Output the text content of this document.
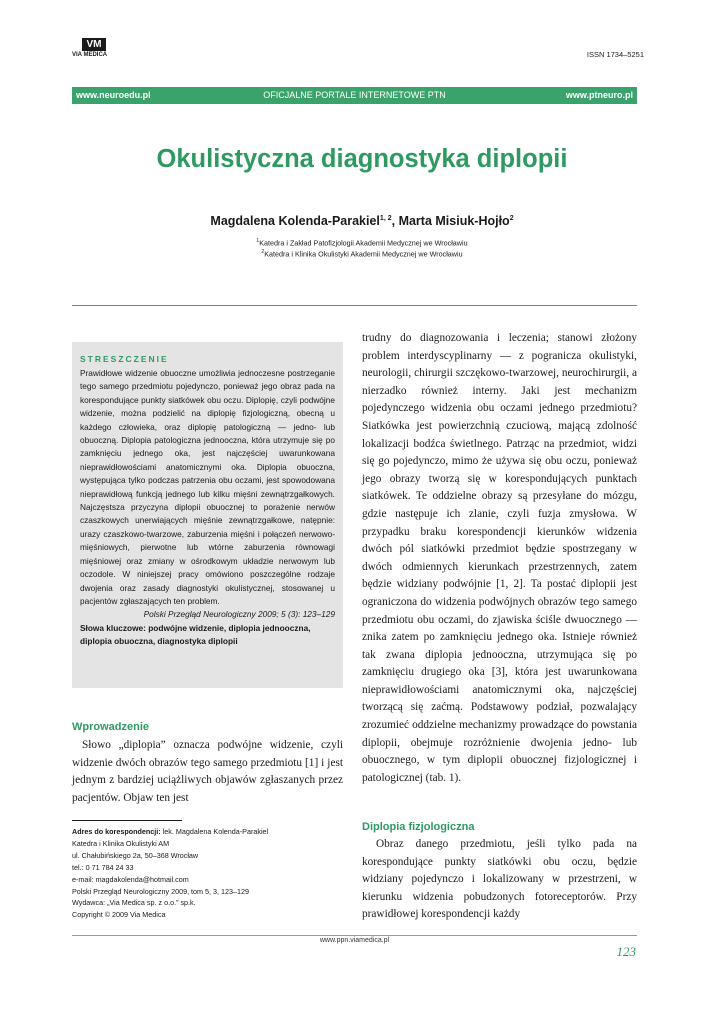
VM
VIA MEDICA	ISSN 1734–5251
OFICJALNE PORTALE INTERNETOWE PTN
www.neuroedu.pl	www.ptneuro.pl
Okulistyczna diagnostyka diplopii
Magdalena Kolenda-Parakiel$^{1, 2}$, Marta Misiuk-Hojło$^2$
$^1$Katedra i Zakład Patofizjologii Akademii Medycznej we Wrocławiu
$^2$Katedra i Klinika Okulistyki Akademii Medycznej we Wrocławiu
STRESZCZENIE

Prawidłowe widzenie obuoczne umożliwia jednoczesne postrzeganie tego samego przedmiotu pojedynczo, ponieważ jego obraz pada na korespondujące punkty siatkówek obu oczu. Diplopię, czyli podwójne widzenie, można podzielić na diplopię fizjologiczną, obecną u każdego człowieka, oraz diplopię patologiczną — jedno- lub obuoczną. Diplopia patologiczna jednooczna, która utrzymuje się po zamknięciu jednego oka, jest najczęściej uwarunkowana nieprawidłowościami anatomicznymi oka. Diplopia obuoczna, występująca tylko podczas patrzenia obu oczami, jest spowodowana nieprawidłową funkcją jednego lub kilku mięśni zewnątrzgałkowych. Najczęstsza przyczyna diplopii obuocznej to porażenie nerwów czaszkowych unerwiających mięśnie zewnątrzgałkowe, natępnie: urazy czaszkowo-twarzowe, zaburzenia mięśni i połączeń nerwowo-mięśniowych, pierwotne lub wtórne zaburzenia równowagi mięśniowej oraz zmiany w ośrodkowym układzie nerwowym lub oczodole. W niniejszej pracy omówiono poszczególne rodzaje dwojenia oraz zasady diagnostyki okulistycznej, stosowanej u pacjentów zgłaszających ten problem.

Polski Przegląd Neurologiczny 2009; 5 (3): 123–129

Słowa kluczowe: podwójne widzenie, diplopia jednooczna, diplopia obuoczna, diagnostyka diplopii

Wprowadzenie

Słowo „diplopia” oznacza podwójne widzenie, czyli widzenie dwóch obrazów tego samego przedmiotu [1] i jest jednym z bardziej uciążliwych objawów zgłaszanych przez pacjentów. Objaw ten jest

Adres do korespondencji: lek. Magdalena Kolenda-Parakiel
Katedra i Klinika Okulistyki AM
ul. Chałubińskiego 2a, 50–368 Wrocław
tel.: 0 71 784 24 33
e-mail: magdakolenda@hotmail.com
Polski Przegląd Neurologiczny 2009, tom 5, 3, 123–129
Wydawca: „Via Medica sp. z o.o.” sp.k.
Copyright © 2009 Via Medica

trudny do diagnozowania i leczenia; stanowi złożony problem interdyscyplinarny — z pogranicza okulistyki, neurologii, chirurgii szczękowo-twarzowej, neurochirurgii, a nierzadko również interny. Jaki jest mechanizm pojedynczego widzenia obu oczami jednego przedmiotu? Siatkówka jest powierzchnią czuciową, mającą zdolność lokalizacji bodźca świetlnego. Patrząc na przedmiot, widzi się go pojedynczo, mimo że używa się obu oczu, ponieważ jego obrazy tworzą się w korespondujących punktach siatkówek. Te oddzielne obrazy są przesyłane do mózgu, gdzie następuje ich zlanie, czyli fuzja zmysłowa. W przypadku braku korespondencji kierunków widzenia dwóch pól siatkówki przedmiot będzie spostrzegany w dwóch odmiennych kierunkach przestrzennych, zatem będzie widziany podwójnie [1, 2]. Ta postać diplopii jest ograniczona do widzenia podwójnych obrazów tego samego przedmiotu obu oczami, do zjawiska ściśle dwuocznego — znika zatem po zamknięciu jednego oka. Istnieje również tak zwana diplopia jednooczna, utrzymująca się po zamknięciu drugiego oka [3], która jest uwarunkowana nieprawidłowościami anatomicznymi oka, najczęściej tworzącą się zaćmą. Podstawowy podział, pozwalający zrozumieć oddzielne mechanizmy prowadzące do powstania diplopii, obejmuje rozróżnienie dwojenia jedno- lub obuocznego, w tym diplopii obuocznej fizjologicznej i patologicznej (tab. 1).

Diplopia fizjologiczna

Obraz danego przedmiotu, jeśli tylko pada na korespondujące punkty siatkówki obu oczu, będzie widziany pojedynczo i lokalizowany w przestrzeni, w kierunku widzenia pobudzonych fotoreceptorów. Przy prawidłowej korespondencji każdy

www.ppn.viamedica.pl
123
